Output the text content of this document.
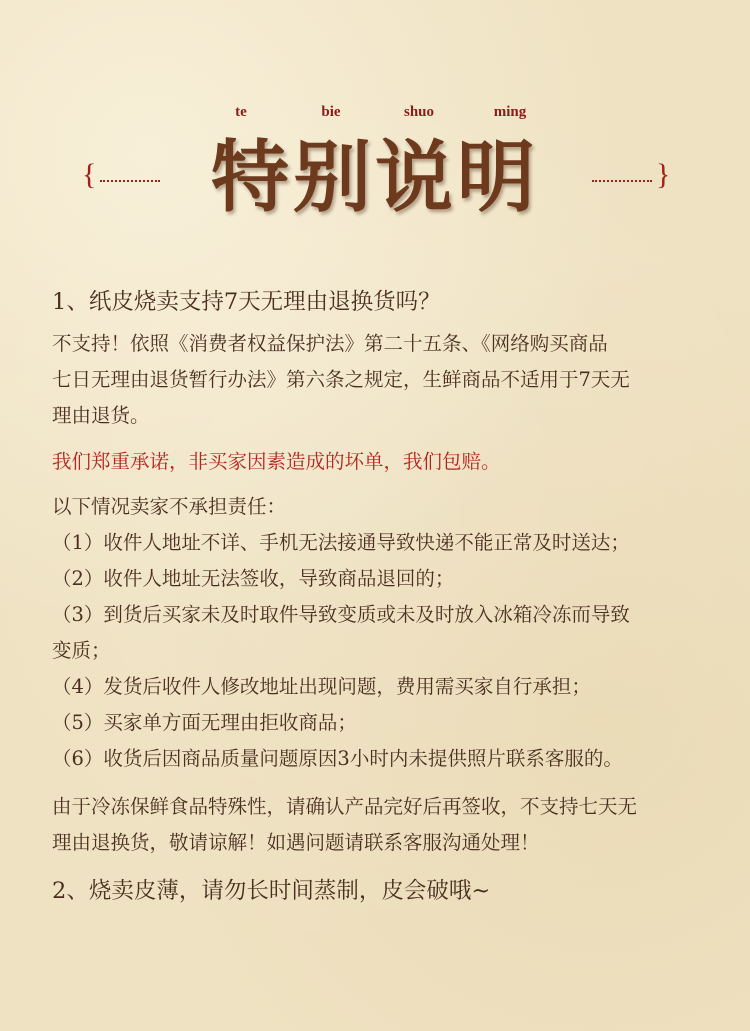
te	bie	shuo	ming
{ 特别说明	}
1、纸皮烧卖支持7天无理由退换货吗？
不支持！依照《消费者权益保护法》第二十五条、《网络购买商品
七日无理由退货暂行办法》第六条之规定，生鲜商品不适用于7天无
理由退货。
我们郑重承诺，非买家因素造成的坏单，我们包赔。
以下情况卖家不承担责任：
（1）收件人地址不详、手机无法接通导致快递不能正常及时送达；
（2）收件人地址无法签收，导致商品退回的；
（3）到货后买家未及时取件导致变质或未及时放入冰箱冷冻而导致
变质；
（4）发货后收件人修改地址出现问题，费用需买家自行承担；
（5）买家单方面无理由拒收商品；
（6）收货后因商品质量问题原因3小时内未提供照片联系客服的。
由于冷冻保鲜食品特殊性，请确认产品完好后再签收，不支持七天无
理由退换货，敬请谅解！如遇问题请联系客服沟通处理！
2、烧卖皮薄，请勿长时间蒸制，皮会破哦~
